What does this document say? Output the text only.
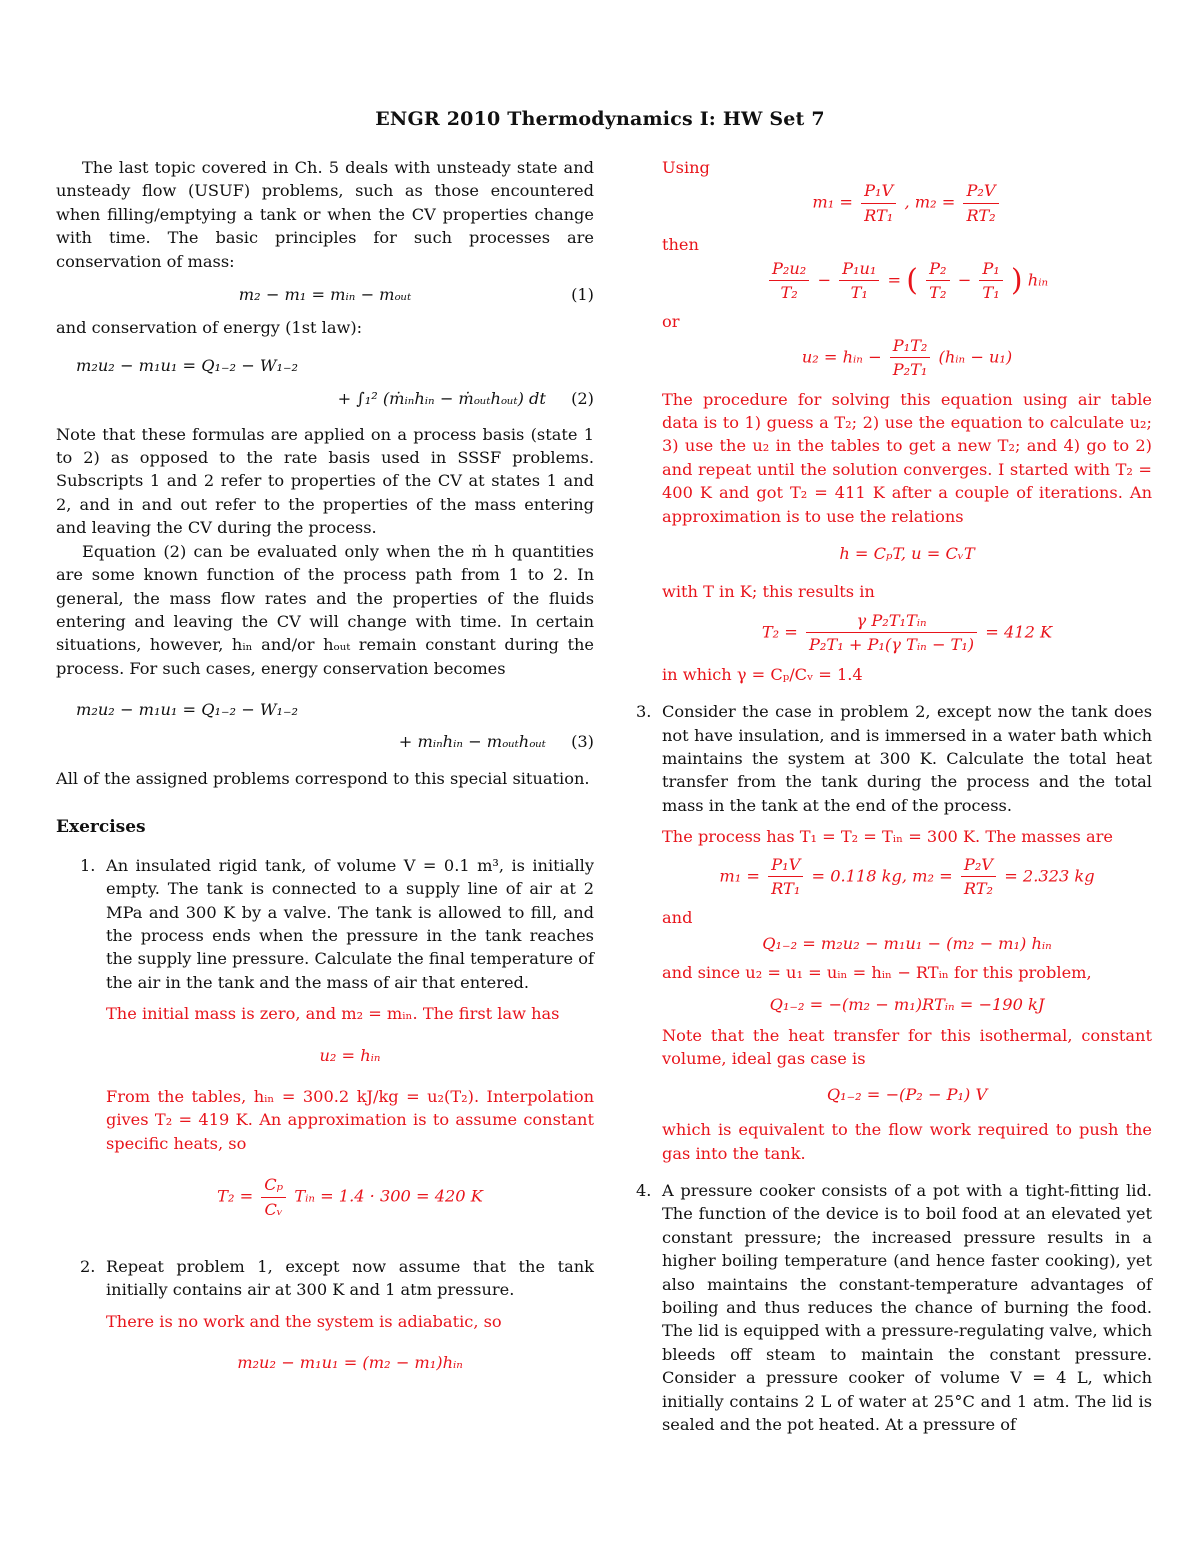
ENGR 2010 Thermodynamics I: HW Set 7

The last topic covered in Ch. 5 deals with unsteady state and unsteady flow (USUF) problems, such as those encountered when filling/emptying a tank or when the CV properties change with time. The basic principles for such processes are conservation of mass:

m₂ − m₁ = mᵢₙ − mₒᵤₜ	(1)

and conservation of energy (1st law):

m₂u₂ − m₁u₁ = Q₁₋₂ − W₁₋₂
+ ∫₁² (ṁᵢₙhᵢₙ − ṁₒᵤₜhₒᵤₜ) dt (2)

Note that these formulas are applied on a process basis (state 1 to 2) as opposed to the rate basis used in SSSF problems. Subscripts 1 and 2 refer to properties of the CV at states 1 and 2, and in and out refer to the properties of the mass entering and leaving the CV during the process.

Equation (2) can be evaluated only when the ṁ h quantities are some known function of the process path from 1 to 2. In general, the mass flow rates and the properties of the fluids entering and leaving the CV will change with time. In certain situations, however, hᵢₙ and/or hₒᵤₜ remain constant during the process. For such cases, energy conservation becomes

m₂u₂ − m₁u₁ = Q₁₋₂ − W₁₋₂
+ mᵢₙhᵢₙ − mₒᵤₜhₒᵤₜ (3)

All of the assigned problems correspond to this special situation.

Exercises
1. An insulated rigid tank, of volume V = 0.1 m³, is initially empty. The tank is connected to a supply line of air at 2 MPa and 300 K by a valve. The tank is allowed to fill, and the process ends when the pressure in the tank reaches the supply line pressure. Calculate the final temperature of the air in the tank and the mass of air that entered.

The initial mass is zero, and m₂ = mᵢₙ. The first law has

u₂ = hᵢₙ

From the tables, hᵢₙ = 300.2 kJ/kg = u₂(T₂). Interpolation gives T₂ = 419 K. An approximation is to assume constant specific heats, so

$T_2 = \frac{\text{Cₚ}}{\text{Cᵥ}}$ Tᵢₙ = 1.4 · 300 = 420 K
2. Repeat problem 1, except now assume that the tank initially contains air at 300 K and 1 atm pressure.

There is no work and the system is adiabatic, so

m₂u₂ − m₁u₁ = (m₂ − m₁)hᵢₙ

Using

$m_1 = \frac{\text{P₁V}}{\text{RT₁}}$ , $m_2 = \frac{\text{P₂V}}{\text{RT₂}}$

then

$\frac{\text{P₂u₂}}{\text{T₂}} - \frac{\text{P₁u₁}}{\text{T₁}}$ = ( $\frac{\text{P₂}}{\text{T₂}} - \frac{\text{P₁}}{\text{T₁}}$ ) hᵢₙ

or

u₂ = hᵢₙ − $\frac{\text{P₁T₂}}{\text{P₂T₁}}$ (hᵢₙ − u₁)

The procedure for solving this equation using air table data is to 1) guess a T₂; 2) use the equation to calculate u₂; 3) use the u₂ in the tables to get a new T₂; and 4) go to 2) and repeat until the solution converges. I started with T₂ = 400 K and got T₂ = 411 K after a couple of iterations. An approximation is to use the relations

h = CₚT, u = CᵥT

with T in K; this results in

$T_2 = \frac{\text{γ P₂T₁Tᵢₙ}}{\text{P₂T₁ + P₁(γ Tᵢₙ − T₁)}} = 412$ K

in which γ = Cₚ/Cᵥ = 1.4

3. Consider the case in problem 2, except now the tank does not have insulation, and is immersed in a water bath which maintains the system at 300 K. Calculate the total heat transfer from the tank during the process and the total mass in the tank at the end of the process.

The process has T₁ = T₂ = Tᵢₙ = 300 K. The masses are

$m_1 = \frac{\text{P₁V}}{\text{RT₁}} = 0.118$ kg, $m_2 = \frac{\text{P₂V}}{\text{RT₂}} = 2.323$ kg

and

Q₁₋₂ = m₂u₂ − m₁u₁ − (m₂ − m₁) hᵢₙ

and since u₂ = u₁ = uᵢₙ = hᵢₙ − RTᵢₙ for this problem,

Q₁₋₂ = −(m₂ − m₁)RTᵢₙ = −190 kJ

Note that the heat transfer for this isothermal, constant volume, ideal gas case is

Q₁₋₂ = −(P₂ − P₁) V

which is equivalent to the flow work required to push the gas into the tank.

4. A pressure cooker consists of a pot with a tight-fitting lid. The function of the device is to boil food at an elevated yet constant pressure; the increased pressure results in a higher boiling temperature (and hence faster cooking), yet also maintains the constant-temperature advantages of boiling and thus reduces the chance of burning the food. The lid is equipped with a pressure-regulating valve, which bleeds off steam to maintain the constant pressure. Consider a pressure cooker of volume V = 4 L, which initially contains 2 L of water at 25°C and 1 atm. The lid is sealed and the pot heated. At a pressure of
